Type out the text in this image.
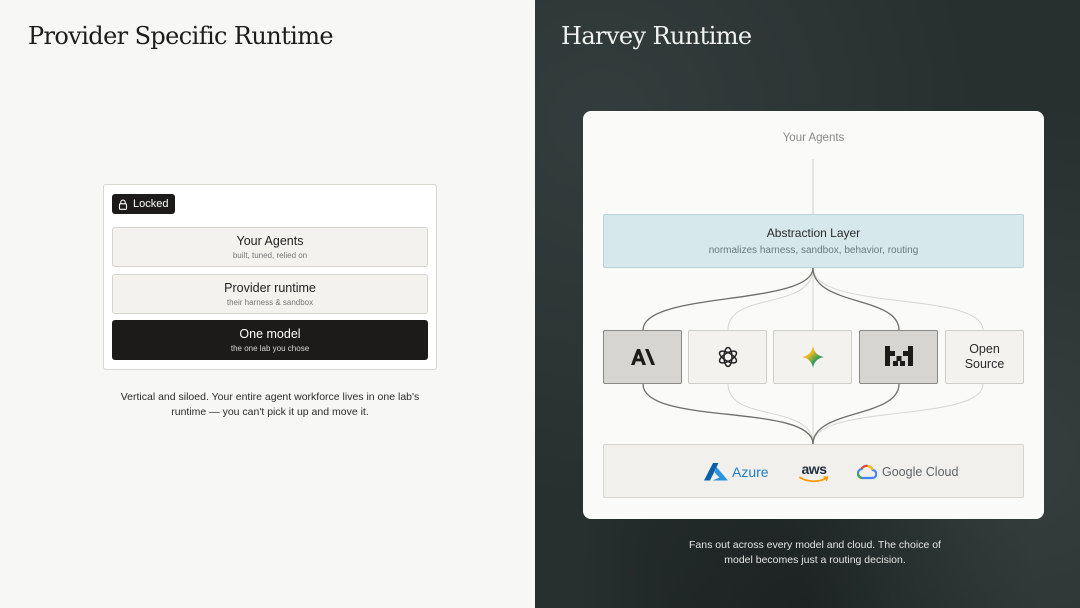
Provider Specific Runtime
Locked
Your Agents
built, tuned, relied on
Provider runtime
their harness & sandbox
One model
the one lab you chose
Vertical and siloed. Your entire agent workforce lives in one lab's runtime — you can't pick it up and move it.
Harvey Runtime
Your Agents
Abstraction Layer
normalizes harness, sandbox, behavior, routing
Open
Source
Azure aws	Google Cloud
Fans out across every model and cloud. The choice of model becomes just a routing decision.
